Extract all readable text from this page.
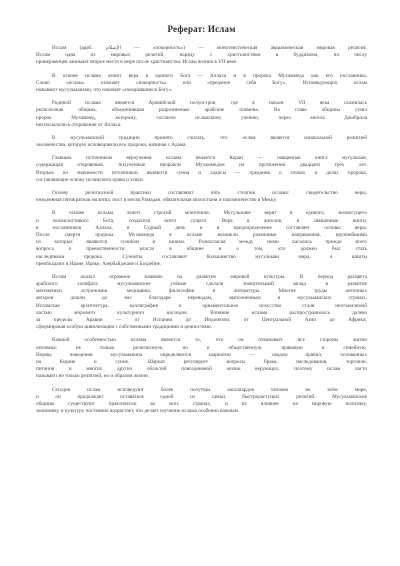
Реферат: Ислам
Ислам (араб. الإسلام — «покорность») — монотеистическая авраамическая мировая религия.
Ислам одна из мировых религий, наряду с христианством и буддизмом, по числу
приверженцев занимает второе место в мире после христианства. Ислам возник в VII веке.
В основе ислама лежит вера в единого Бога — Аллаха и в пророка Мухаммеда как его посланника.
Слово «ислам» означает «покорность» или «предание себя Богу». Исповедующих ислам
называют мусульманами, что означает «покорившиеся Богу».
Родиной ислама является Аравийский полуостров, где в начале VII века сложилась
религиозная община, объединившая разрозненные арабские племена. Во главе общины стоял
пророк Мухаммед, которому, согласно исламскому учению, через ангела Джибрила
ниспосылались откровения от Аллаха.
В мусульманской традиции принято считать, что ислам является изначальной религией
человечества, которую исповедовали все пророки, начиная с Адама.
Главным источником вероучения ислама является Коран — священная книга мусульман,
содержащая откровения, полученные пророком Мухаммедом на протяжении двадцати трёх лет.
Вторым по значимости источником являются сунна и хадисы — предания о словах и делах пророка,
составляющие основу исламского права и этики.
Основу религиозной практики составляют пять столпов ислама: свидетельство веры,
ежедневная пятикратная молитва, пост в месяц Рамадан, обязательная милостыня и паломничество в Мекку.
В основе ислама лежит строгий монотеизм. Мусульмане верят в единого, всемогущего
и всемилостивого Бога, создателя всего сущего. Вера в ангелов, в священные книги,
в посланников Аллаха, в Судный день и в предопределение составляет основы веры.
После смерти пророка Мухаммеда в исламе возникли различные направления, крупнейшими
из которых являются суннизм и шиизм. Разногласия между ними касались прежде всего
вопроса о преемственности власти в общине и о том, кто должен был стать
наследником пророка. Сунниты составляют большинство мусульман мира, а шииты
преобладают в Иране, Ираке, Азербайджане и Бахрейне.
Ислам оказал огромное влияние на развитие мировой культуры. В период расцвета
арабского халифата мусульманские учёные сделали значительный вклад в развитие
математики, астрономии, медицины, философии и литературы. Многие труды античных
авторов дошли до нас благодаря переводам, выполненным в мусульманских странах.
Исламская архитектура, каллиграфия и орнаментальное искусство стали неотъемлемой
частью мирового культурного наследия. Влияние ислама распространилось далеко
за пределы Аравии — от Испании до Индонезии, от Центральной Азии до Африки,
сформировав особую цивилизацию с собственными традициями и ценностями.
Важной особенностью ислама является то, что он охватывает все стороны жизни
человека: не только религиозную, но и общественную, правовую и семейную.
Нормы поведения мусульманина определяются шариатом — сводом правил, основанных
на Коране и сунне. Шариат регулирует вопросы брака, наследования, торговли,
питания и многих других областей повседневной жизни верующих, поэтому ислам часто
называют не только религией, но и образом жизни.
Сегодня ислам исповедуют более полутора миллиардов человек во всём мире,
и он продолжает оставаться одной из самых быстрорастущих религий. Мусульманские
общины существуют практически во всех странах, и их влияние на мировую политику,
экономику и культуру постоянно возрастает, что делает изучение ислама особенно важным.
